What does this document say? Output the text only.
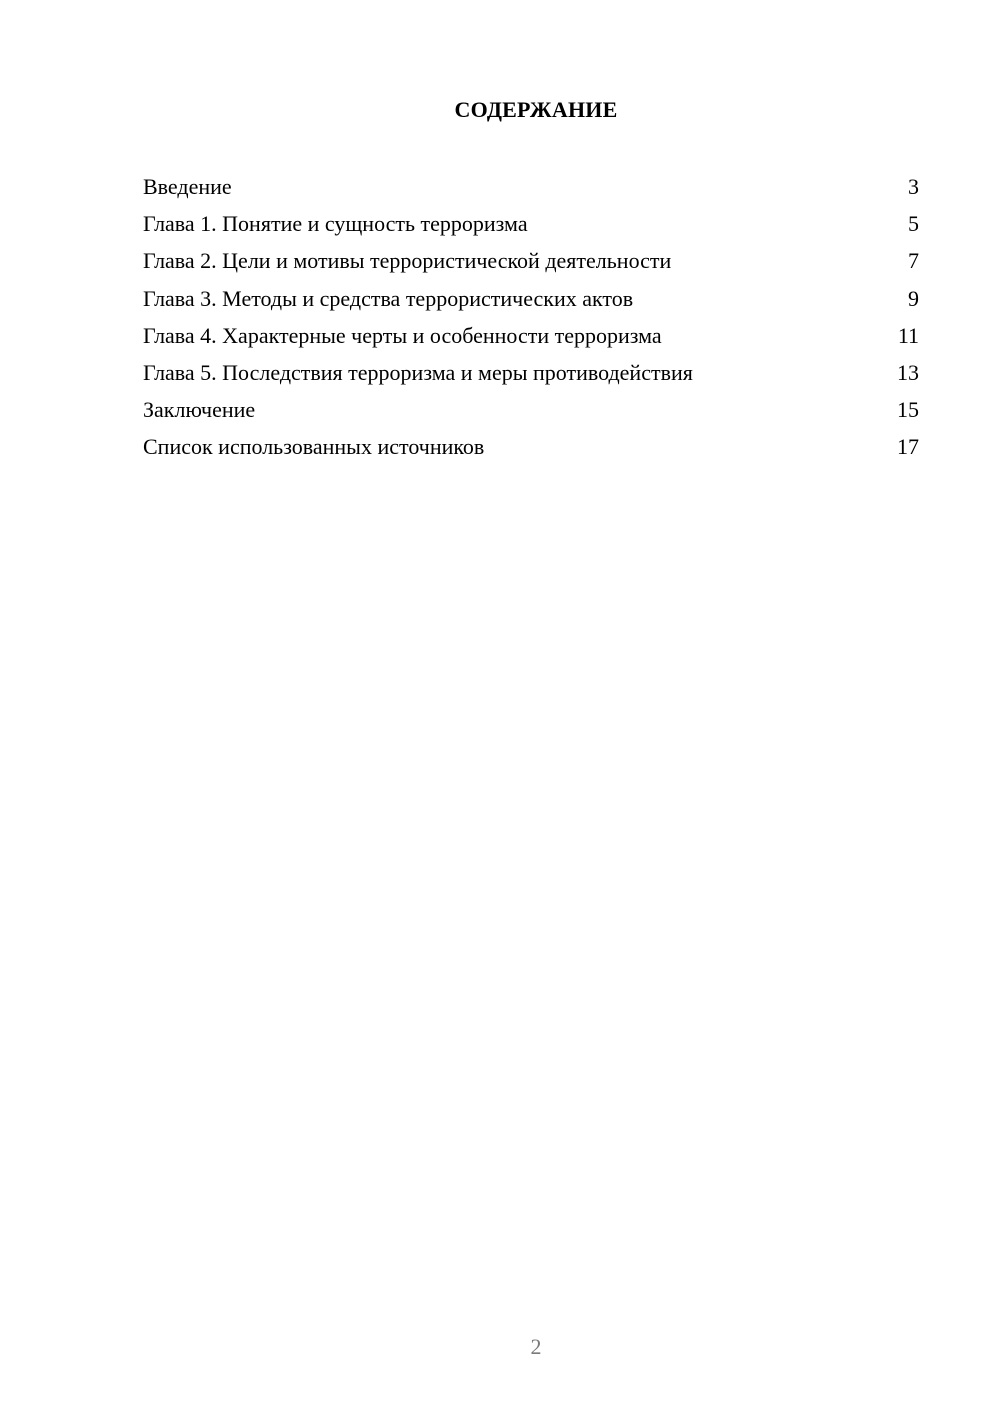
СОДЕРЖАНИЕ
Введение	3
Глава 1. Понятие и сущность терроризма	5
Глава 2. Цели и мотивы террористической деятельности	7
Глава 3. Методы и средства террористических актов	9
Глава 4. Характерные черты и особенности терроризма	11
Глава 5. Последствия терроризма и меры противодействия	13
Заключение	15
Список использованных источников	17
2
